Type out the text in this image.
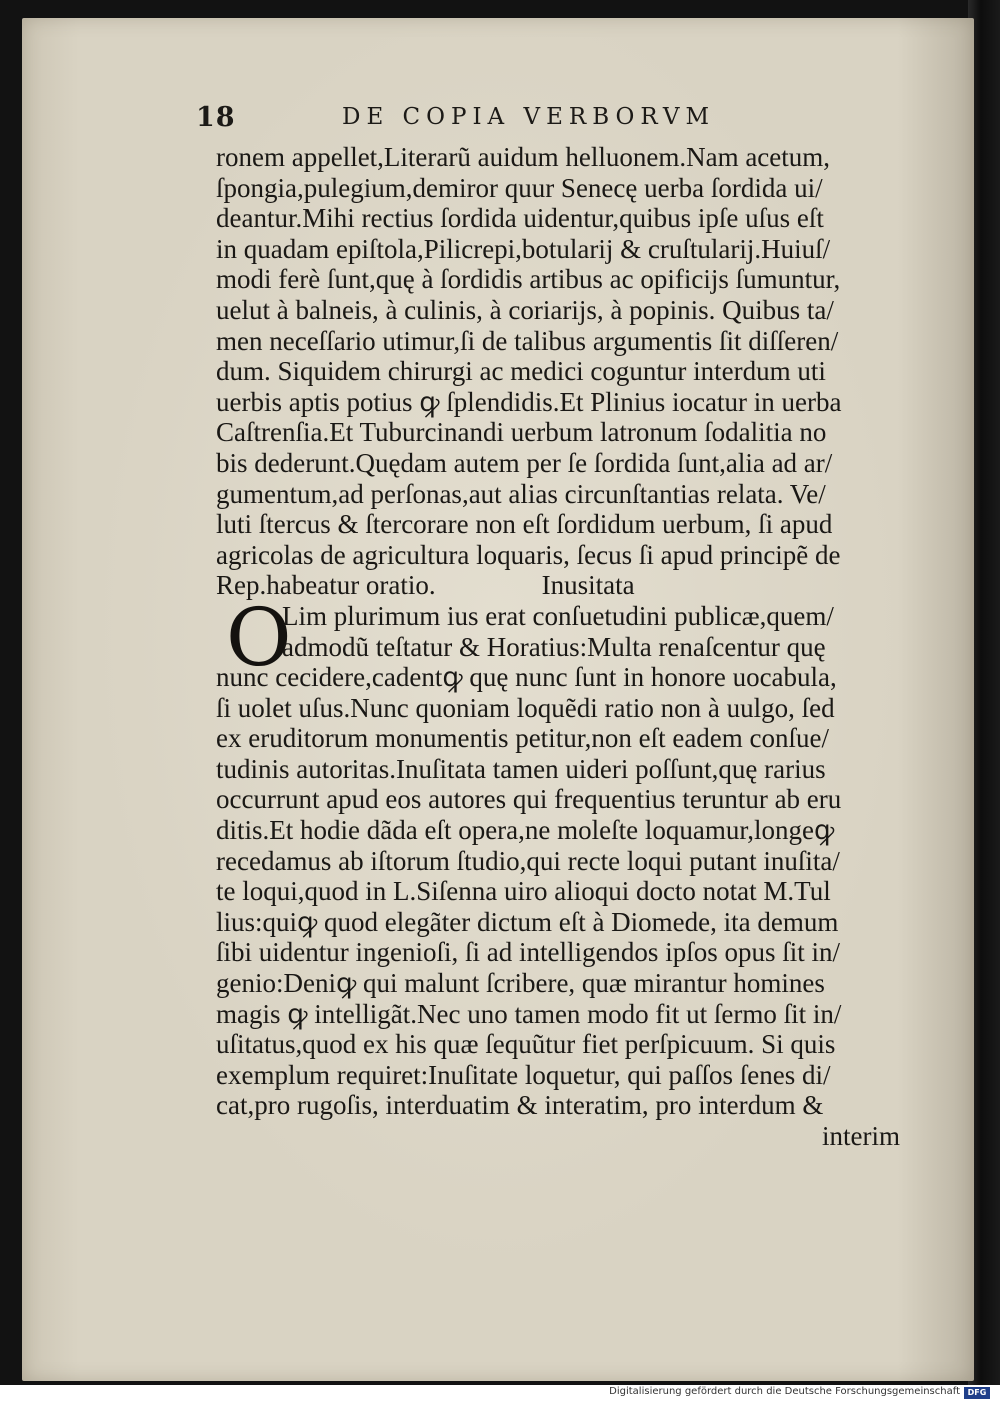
18	DE COPIA VERBORVM
O
ronem appellet,Literarũ auidum helluonem.Nam acetum,
ſpongia,pulegium,demiror quur Senecę uerba ſordida ui/
deantur.Mihi rectius ſordida uidentur,quibus ipſe uſus eſt
in quadam epiſtola,Pilicrepi,botularij & cruſtularij.Huiuſ/
modi ferè ſunt,quę à ſordidis artibus ac opificijs ſumuntur,
uelut à balneis, à culinis, à coriarijs, à popinis. Quibus ta/
men neceſſario utimur,ſi de talibus argumentis ſit diſſeren/
dum. Siquidem chirurgi ac medici coguntur interdum uti
uerbis aptis potius ꝙ ſplendidis.Et Plinius iocatur in uerba
Caſtrenſia.Et Tuburcinandi uerbum latronum ſodalitia no
bis dederunt.Quędam autem per ſe ſordida ſunt,alia ad ar/
gumentum,ad perſonas,aut alias circunſtantias relata. Ve/
luti ſtercus & ſtercorare non eſt ſordidum uerbum, ſi apud
agricolas de agricultura loquaris, ſecus ſi apud principẽ de
Rep.habeatur oratio.	Inusitata
Lim plurimum ius erat conſuetudini publicæ,quem/
admodũ teſtatur & Horatius:Multa renaſcentur quę
nunc cecidere,cadentꝙ quę nunc ſunt in honore uocabula,
ſi uolet uſus.Nunc quoniam loquẽdi ratio non à uulgo, ſed
ex eruditorum monumentis petitur,non eſt eadem conſue/
tudinis autoritas.Inuſitata tamen uideri poſſunt,quę rarius
occurrunt apud eos autores qui frequentius teruntur ab eru
ditis.Et hodie dãda eſt opera,ne moleſte loquamur,longeꝙ
recedamus ab iſtorum ſtudio,qui recte loqui putant inuſita/
te loqui,quod in L.Siſenna uiro alioqui docto notat M.Tul
lius:quiꝙ quod elegãter dictum eſt à Diomede, ita demum
ſibi uidentur ingenioſi, ſi ad intelligendos ipſos opus ſit in/
genio:Deniꝙ qui malunt ſcribere, quæ mirantur homines
magis ꝙ intelligãt.Nec uno tamen modo fit ut ſermo ſit in/
uſitatus,quod ex his quæ ſequũtur fiet perſpicuum. Si quis
exemplum requiret:Inuſitate loquetur, qui paſſos ſenes di/
cat,pro rugoſis, interduatim & interatim, pro interdum &
interim
Digitalisierung gefördert durch die Deutsche Forschungsgemeinschaft DFG
